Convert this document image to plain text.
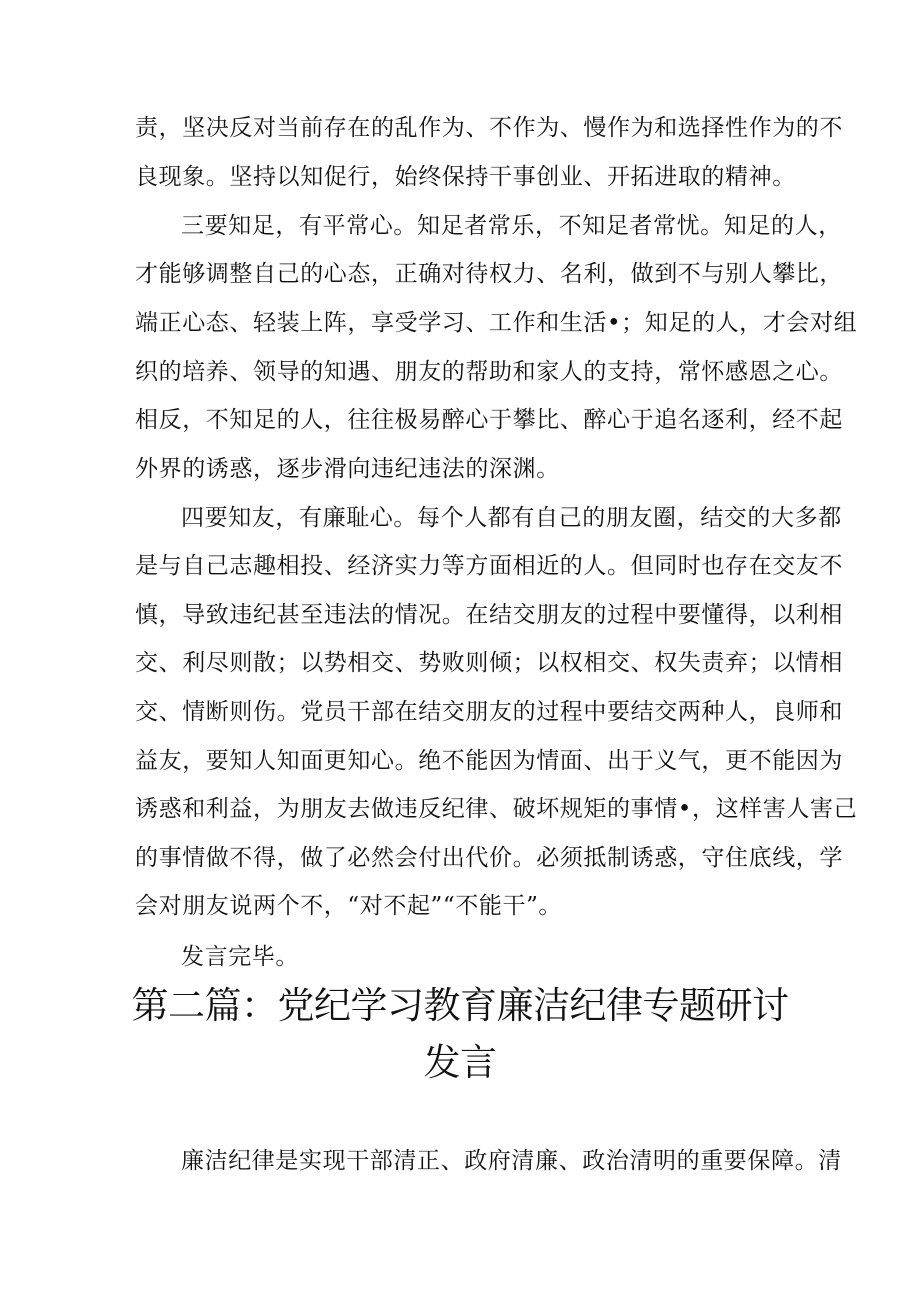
责，坚决反对当前存在的乱作为、不作为、慢作为和选择性作为的不
良现象。坚持以知促行，始终保持干事创业、开拓进取的精神。
三要知足，有平常心。知足者常乐，不知足者常忧。知足的人，
才能够调整自己的心态，正确对待权力、名利，做到不与别人攀比，
端正心态、轻装上阵，享受学习、工作和生活•；知足的人，才会对组
织的培养、领导的知遇、朋友的帮助和家人的支持，常怀感恩之心。
相反，不知足的人，往往极易醉心于攀比、醉心于追名逐利，经不起
外界的诱惑，逐步滑向违纪违法的深渊。
四要知友，有廉耻心。每个人都有自己的朋友圈，结交的大多都
是与自己志趣相投、经济实力等方面相近的人。但同时也存在交友不
慎，导致违纪甚至违法的情况。在结交朋友的过程中要懂得，以利相
交、利尽则散；以势相交、势败则倾；以权相交、权失责弃；以情相
交、情断则伤。党员干部在结交朋友的过程中要结交两种人，良师和
益友，要知人知面更知心。绝不能因为情面、出于义气，更不能因为
诱惑和利益，为朋友去做违反纪律、破坏规矩的事情•，这样害人害己
的事情做不得，做了必然会付出代价。必须抵制诱惑，守住底线，学
会对朋友说两个不，“对不起”“不能干”。
发言完毕。
第二篇：党纪学习教育廉洁纪律专题研讨
发言
廉洁纪律是实现干部清正、政府清廉、政治清明的重要保障。清
